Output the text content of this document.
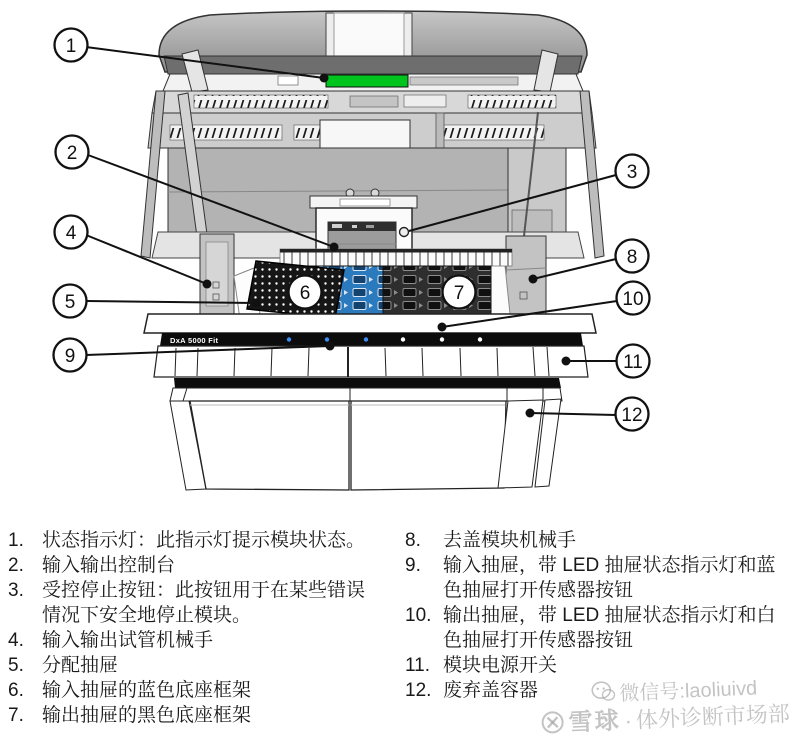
DxA 5000 Fit
1
2
3
4
5	6	7
8
9
10
11
12
1. 状态指示灯：此指示灯提示模块状态。
2. 输入输出控制台
3. 受控停止按钮：此按钮用于在某些错误情况下安全地停止模块。
4. 输入输出试管机械手
5. 分配抽屉
6. 输入抽屉的蓝色底座框架
7. 输出抽屉的黑色底座框架
8.	去盖模块机械手
9.	输入抽屉，带 LED 抽屉状态指示灯和蓝色抽屉打开传感器按钮
10. 输出抽屉，带 LED 抽屉状态指示灯和白色抽屉打开传感器按钮
11. 模块电源开关
12. 废弃盖容器	微信号:laoliuivd
雪球 · 体外诊断市场部
